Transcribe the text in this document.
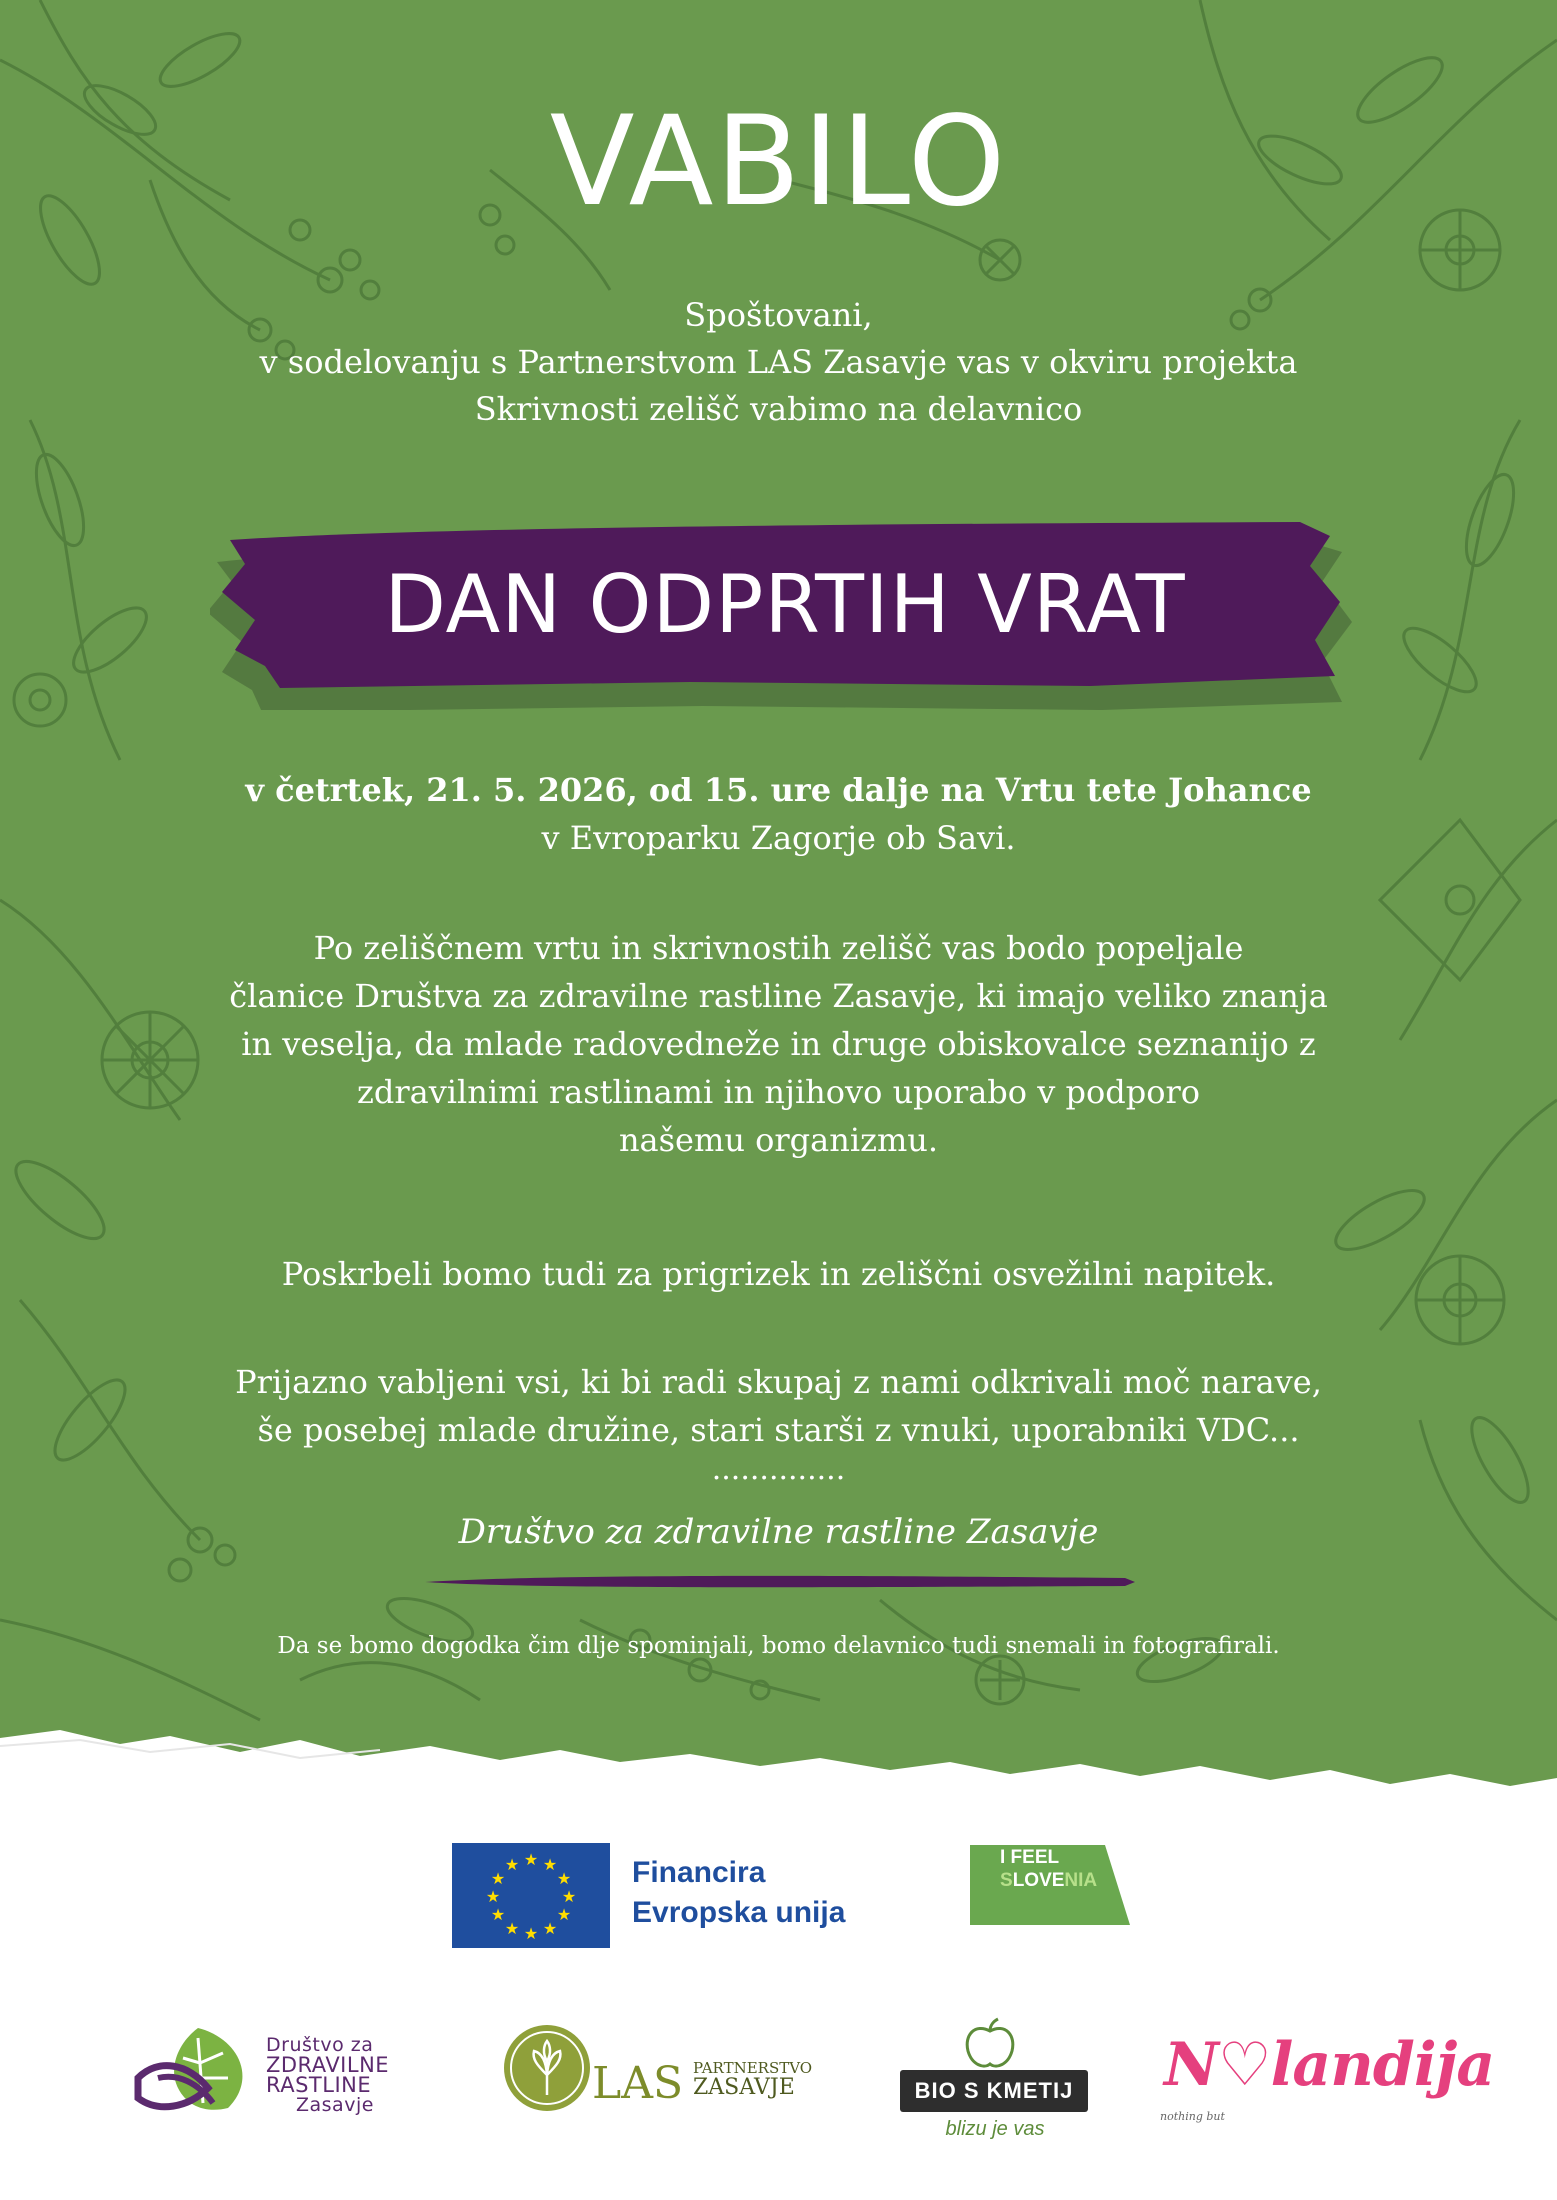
VABILO
Spoštovani,
v sodelovanju s Partnerstvom LAS Zasavje vas v okviru projekta
Skrivnosti zelišč vabimo na delavnico
DAN ODPRTIH VRAT
v četrtek, 21. 5. 2026, od 15. ure dalje na Vrtu tete Johance
v Evroparku Zagorje ob Savi.
Po zeliščnem vrtu in skrivnostih zelišč vas bodo popeljale
članice Društva za zdravilne rastline Zasavje, ki imajo veliko znanja
in veselja, da mlade radovedneže in druge obiskovalce seznanijo z
zdravilnimi rastlinami in njihovo uporabo v podporo
našemu organizmu.
Poskrbeli bomo tudi za prigrizek in zeliščni osvežilni napitek.
Prijazno vabljeni vsi, ki bi radi skupaj z nami odkrivali moč narave,
še posebej mlade družine, stari starši z vnuki, uporabniki VDC...
..............
Društvo za zdravilne rastline Zasavje
Da se bomo dogodka čim dlje spominjali, bomo delavnico tudi snemali in fotografirali.
★ ★
★
★
★
★
★
★
★
★
★
★	Financira
Evropska unija
I FEEL
SLOVENIA
Društvo za
ZDRAVILNE
RASTLINE
Zasavje	LAS PARTNERSTVO
ZASAVJE	BIO S KMETIJ
blizu je vas
N♡landija
nothing but
